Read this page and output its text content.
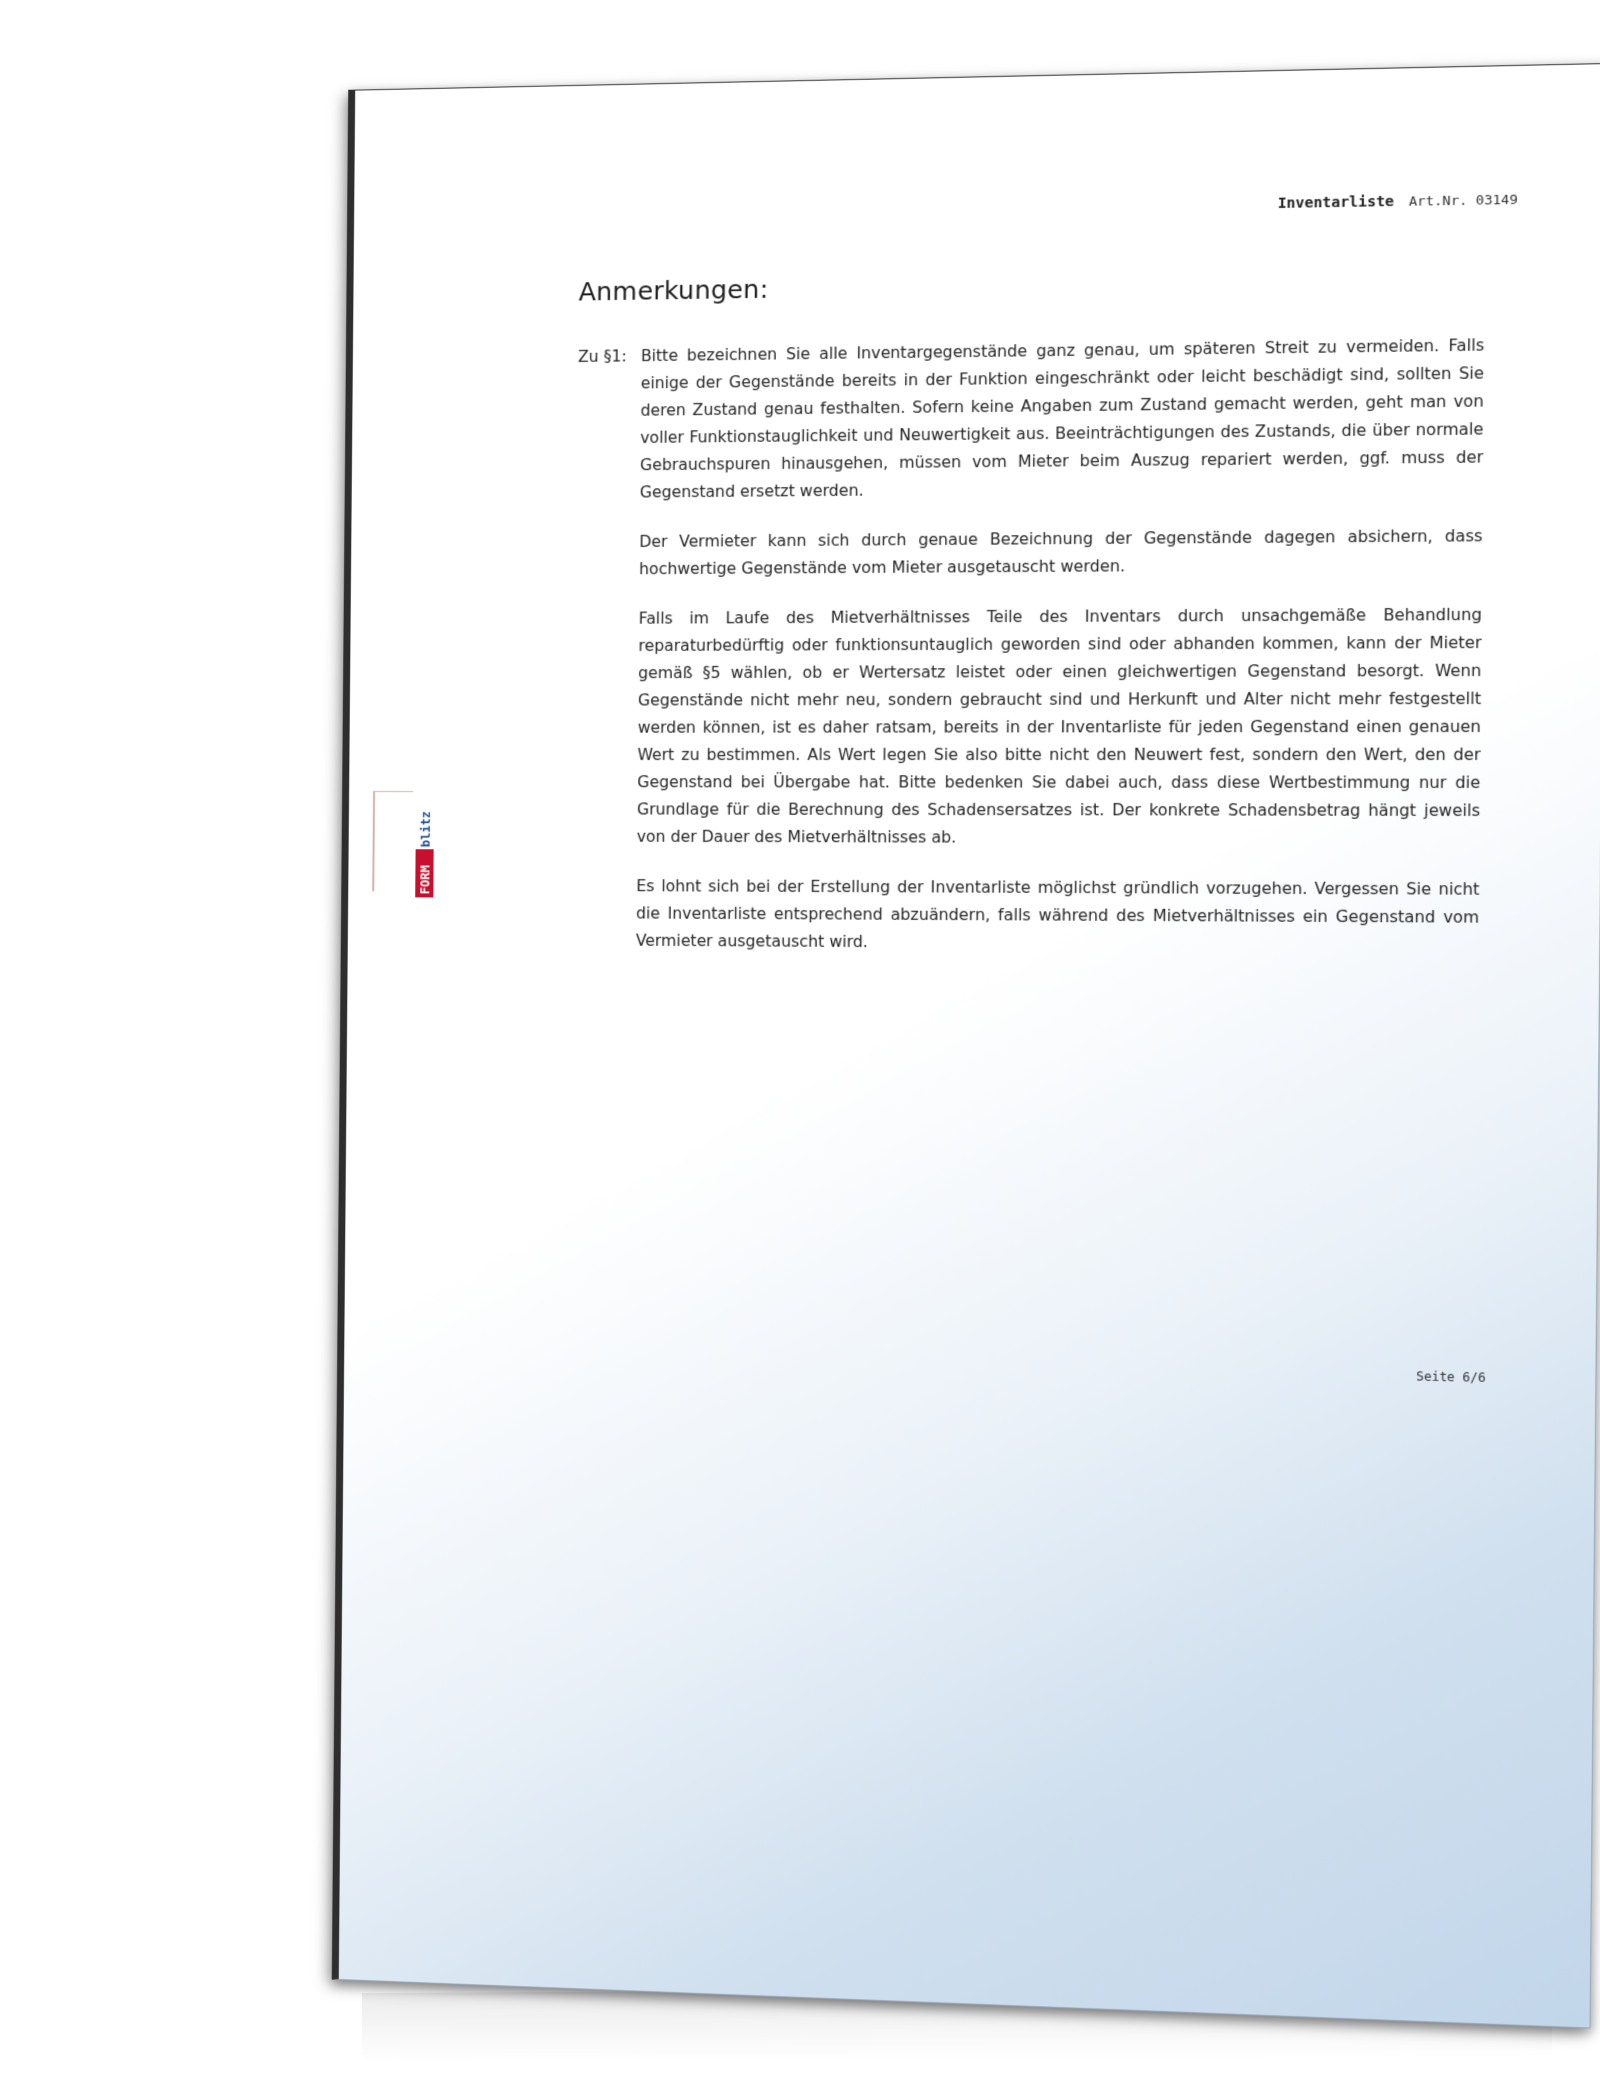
Inventarliste Art.Nr. 03149
Anmerkungen:
Zu §1: Bitte bezeichnen Sie alle Inventargegenstände ganz genau, um späteren Streit zu vermeiden. Falls einige der Gegenstände bereits in der Funktion eingeschränkt oder leicht beschädigt sind, sollten Sie deren Zustand genau festhalten. Sofern keine Angaben zum Zustand gemacht werden, geht man von voller Funktionstauglichkeit und Neuwertigkeit aus. Beeinträchtigungen des Zustands, die über normale Gebrauchspuren hinausgehen, müssen vom Mieter beim Auszug repariert werden, ggf. muss der Gegenstand ersetzt werden.

Der Vermieter kann sich durch genaue Bezeichnung der Gegenstände dagegen absichern, dass hochwertige Gegenstände vom Mieter ausgetauscht werden.

Falls im Laufe des Mietverhältnisses Teile des Inventars durch unsachgemäße Behandlung reparaturbedürftig oder funktionsuntauglich geworden sind oder abhanden kommen, kann der Mieter gemäß §5 wählen, ob er Wertersatz leistet oder einen gleichwertigen Gegenstand besorgt. Wenn Gegenstände nicht mehr neu, sondern gebraucht sind und Herkunft und Alter nicht mehr festgestellt werden können, ist es daher ratsam, bereits in der Inventarliste für jeden Gegenstand einen genauen Wert zu bestimmen. Als Wert legen Sie also bitte nicht den Neuwert fest, sondern den Wert, den der Gegenstand bei Übergabe hat. Bitte bedenken Sie dabei auch, dass diese Wertbestimmung nur die Grundlage für die Berechnung des Schadensersatzes ist. Der konkrete Schadensbetrag hängt jeweils von der Dauer des Mietverhältnisses ab.

Es lohnt sich bei der Erstellung der Inventarliste möglichst gründlich vorzugehen. Vergessen Sie nicht die Inventarliste entsprechend abzuändern, falls während des Mietverhältnisses ein Gegenstand vom Vermieter ausgetauscht wird.

FORM
blitz
Seite 6/6
